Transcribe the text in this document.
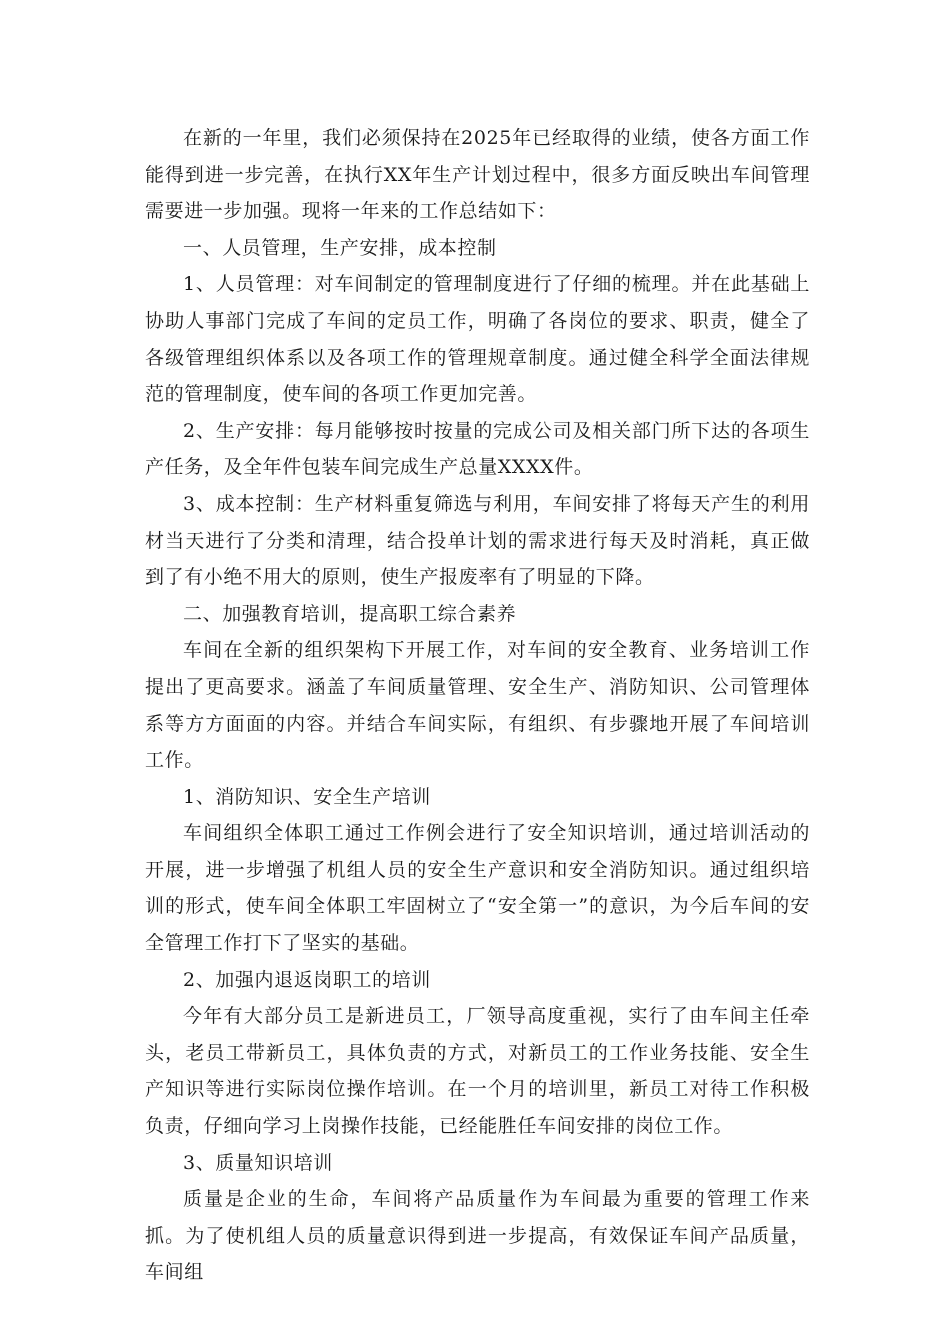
在新的一年里，我们必须保持在2025年已经取得的业绩，使各方面工作能得到进一步完善，在执行XX年生产计划过程中，很多方面反映出车间管理需要进一步加强。现将一年来的工作总结如下：

一、人员管理，生产安排，成本控制

1、人员管理：对车间制定的管理制度进行了仔细的梳理。并在此基础上协助人事部门完成了车间的定员工作，明确了各岗位的要求、职责，健全了各级管理组织体系以及各项工作的管理规章制度。通过健全科学全面法律规范的管理制度，使车间的各项工作更加完善。

2、生产安排：每月能够按时按量的完成公司及相关部门所下达的各项生产任务，及全年件包装车间完成生产总量XXXX件。

3、成本控制：生产材料重复筛选与利用，车间安排了将每天产生的利用材当天进行了分类和清理，结合投单计划的需求进行每天及时消耗，真正做到了有小绝不用大的原则，使生产报废率有了明显的下降。

二、加强教育培训，提高职工综合素养

车间在全新的组织架构下开展工作，对车间的安全教育、业务培训工作提出了更高要求。涵盖了车间质量管理、安全生产、消防知识、公司管理体系等方方面面的内容。并结合车间实际，有组织、有步骤地开展了车间培训工作。

1、消防知识、安全生产培训

车间组织全体职工通过工作例会进行了安全知识培训，通过培训活动的开展，进一步增强了机组人员的安全生产意识和安全消防知识。通过组织培训的形式，使车间全体职工牢固树立了“安全第一”的意识，为今后车间的安全管理工作打下了坚实的基础。

2、加强内退返岗职工的培训

今年有大部分员工是新进员工，厂领导高度重视，实行了由车间主任牵头，老员工带新员工，具体负责的方式，对新员工的工作业务技能、安全生产知识等进行实际岗位操作培训。在一个月的培训里，新员工对待工作积极负责，仔细向学习上岗操作技能，已经能胜任车间安排的岗位工作。

3、质量知识培训

质量是企业的生命，车间将产品质量作为车间最为重要的管理工作来抓。为了使机组人员的质量意识得到进一步提高，有效保证车间产品质量，车间组
